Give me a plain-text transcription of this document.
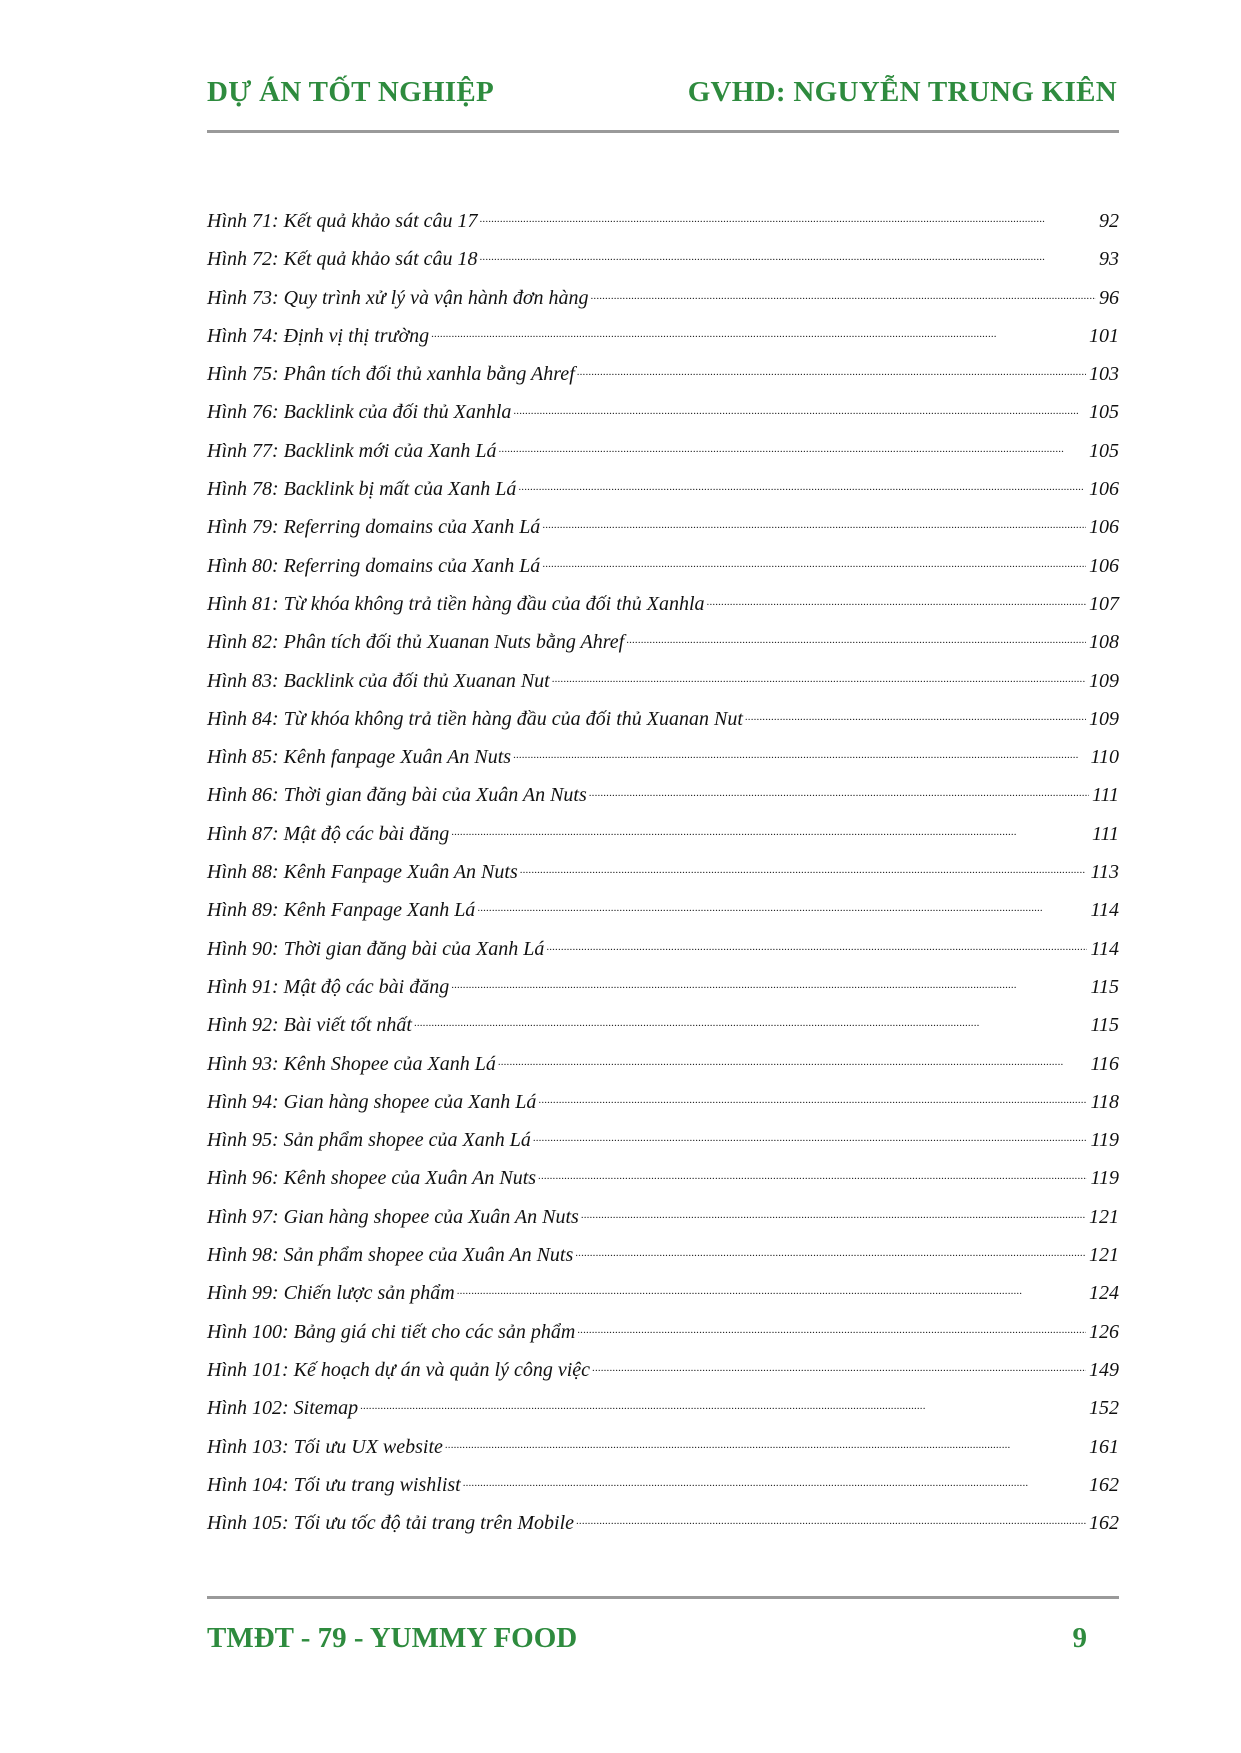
DỰ ÁN TỐT NGHIỆP	GVHD: NGUYỄN TRUNG KIÊN
Hình 71: Kết quả khảo sát câu 17 . . .	92
Hình 72: Kết quả khảo sát câu 18 . . .	93
Hình 73: Quy trình xử lý và vận hành đơn hàng . . .	96
Hình 74: Định vị thị trường . . .	101
Hình 75: Phân tích đối thủ xanhla bằng Ahref . . .	103
Hình 76: Backlink của đối thủ Xanhla . . .	105
Hình 77: Backlink mới của Xanh Lá . . .	105
Hình 78: Backlink bị mất của Xanh Lá . . .	106
Hình 79: Referring domains của Xanh Lá . . .	106
Hình 80: Referring domains của Xanh Lá . . .	106
Hình 81: Từ khóa không trả tiền hàng đầu của đối thủ Xanhla . . .	107
Hình 82: Phân tích đối thủ Xuanan Nuts bằng Ahref . . .	108
Hình 83: Backlink của đối thủ Xuanan Nut . . .	109
Hình 84: Từ khóa không trả tiền hàng đầu của đối thủ Xuanan Nut . . .	109
Hình 85: Kênh fanpage Xuân An Nuts . . .	110
Hình 86: Thời gian đăng bài của Xuân An Nuts . . .	111
Hình 87: Mật độ các bài đăng . . .	111
Hình 88: Kênh Fanpage Xuân An Nuts . . .	113
Hình 89: Kênh Fanpage Xanh Lá . . .	114
Hình 90: Thời gian đăng bài của Xanh Lá . . .	114
Hình 91: Mật độ các bài đăng . . .	115
Hình 92: Bài viết tốt nhất . . .	115
Hình 93: Kênh Shopee của Xanh Lá . . .	116
Hình 94: Gian hàng shopee của Xanh Lá . . .	118
Hình 95: Sản phẩm shopee của Xanh Lá . . .	119
Hình 96: Kênh shopee của Xuân An Nuts . . .	119
Hình 97: Gian hàng shopee của Xuân An Nuts . . .	121
Hình 98: Sản phẩm shopee của Xuân An Nuts . . .	121
Hình 99: Chiến lược sản phẩm . . .	124
Hình 100: Bảng giá chi tiết cho các sản phẩm . . .	126
Hình 101: Kế hoạch dự án và quản lý công việc . . .	149
Hình 102: Sitemap . . .	152
Hình 103: Tối ưu UX website . . .	161
Hình 104: Tối ưu trang wishlist . . .	162
Hình 105: Tối ưu tốc độ tải trang trên Mobile . . .	162
TMĐT - 79 - YUMMY FOOD	9
